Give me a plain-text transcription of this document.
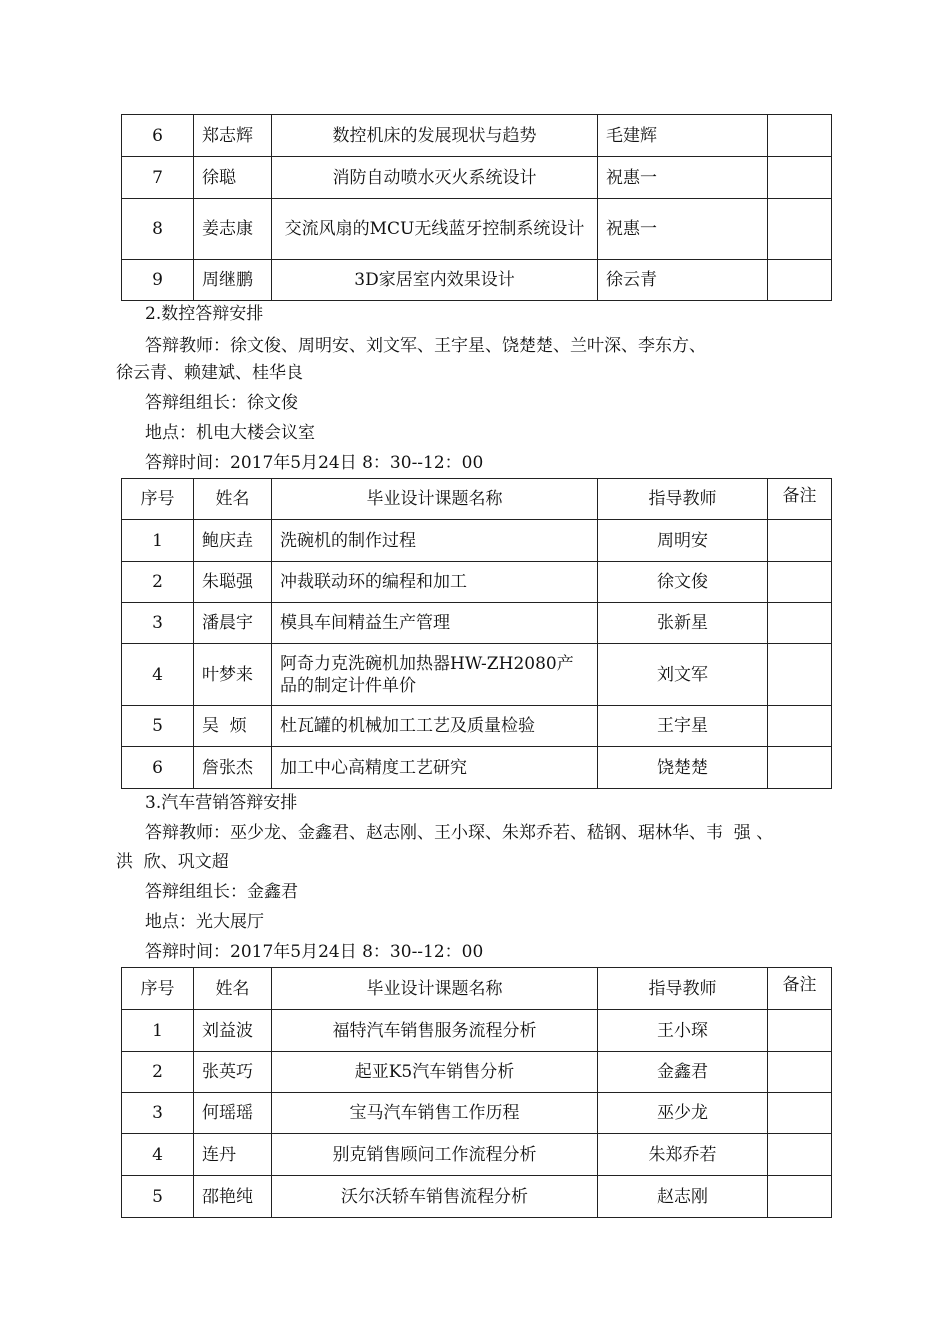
6	郑志辉	数控机床的发展现状与趋势	毛建辉	
7	徐聪	消防自动喷水灭火系统设计	祝惠一	
8	姜志康	交流风扇的MCU无线蓝牙控制系统设计	祝惠一	
9	周继鹏	3D家居室内效果设计	徐云青	
2.数控答辩安排
答辩教师：徐文俊、周明安、刘文军、王宇星、饶楚楚、兰叶深、李东方、
徐云青、赖建斌、桂华良
答辩组组长：徐文俊
地点：机电大楼会议室
答辩时间：2017年5月24日 8：30--12：00
序号	姓名	毕业设计课题名称	指导教师	备注
1	鲍庆垚	洗碗机的制作过程	周明安	
2	朱聪强	冲裁联动环的编程和加工	徐文俊	
3	潘晨宇	模具车间精益生产管理	张新星	
4	叶梦来	阿奇力克洗碗机加热器HW-ZH2080产品的制定计件单价	刘文军	
5	吴  烦	杜瓦罐的机械加工工艺及质量检验	王宇星	
6	詹张杰	加工中心高精度工艺研究	饶楚楚	
3.汽车营销答辩安排
答辩教师：巫少龙、金鑫君、赵志刚、王小琛、朱郑乔若、嵇钢、琚林华、韦  强 、
洪  欣、巩文超
答辩组组长：金鑫君
地点：光大展厅
答辩时间：2017年5月24日 8：30--12：00
序号	姓名	毕业设计课题名称	指导教师	备注
1	刘益波	福特汽车销售服务流程分析	王小琛	
2	张英巧	起亚K5汽车销售分析	金鑫君	
3	何瑶瑶	宝马汽车销售工作历程	巫少龙	
4	连丹	别克销售顾问工作流程分析	朱郑乔若	
5	邵艳纯	沃尔沃轿车销售流程分析	赵志刚	
